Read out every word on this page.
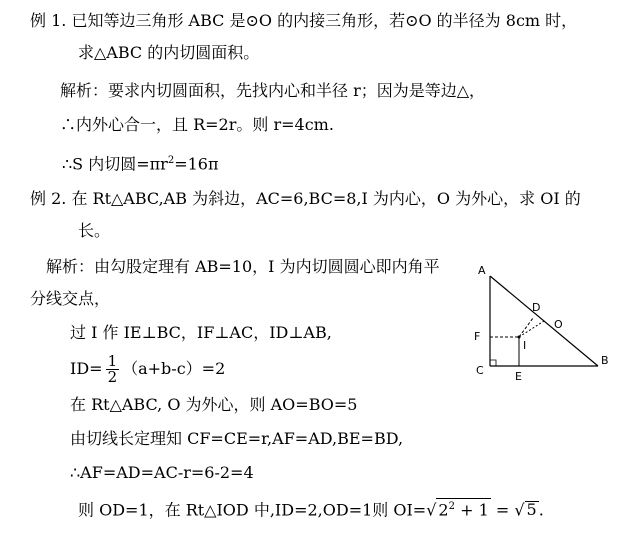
例 1. 已知等边三角形 ABC 是⊙O 的内接三角形，若⊙O 的半径为 8cm 时，
求△ABC 的内切圆面积。
解析：要求内切圆面积，先找内心和半径 r；因为是等边△，
∴内外心合一，且 R=2r。则 r=4cm.
∴S 内切圆$=\pi r^2=16\pi$
例 2. 在 Rt△ABC,AB 为斜边，AC=6,BC=8,I 为内心，O 为外心，求 OI 的
长。
解析：由勾股定理有 AB=10，I 为内切圆圆心即内角平
分线交点，
过 I 作 IE⊥BC，IF⊥AC，ID⊥AB,
$ID= \frac{1}{2} (a+b-c)=2$
在 Rt△ABC, O 为外心，则 AO=BO=5
由切线长定理知 CF=CE=r,AF=AD,BE=BD,
∴AF=AD=AC-r=6-2=4
则 OD=1，在 Rt△IOD 中,ID=2,OD=1则 OI=√ $2^2 + 1$ = √ 5 .
A
B
C
D
E
F
O
I
